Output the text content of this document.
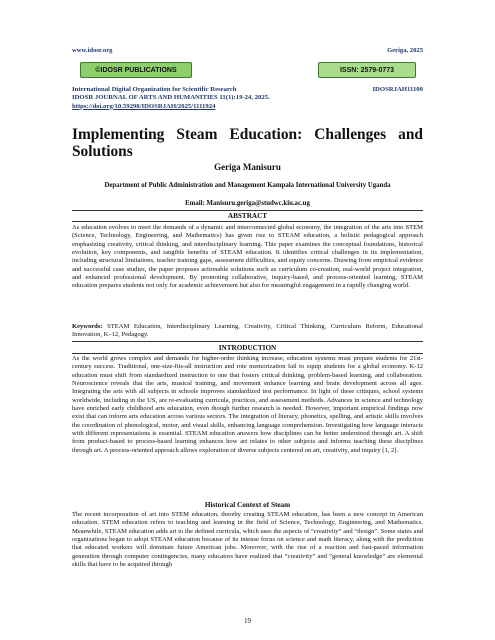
www.idosr.org	Geriga, 2025
©IDOSR PUBLICATIONS	ISSN: 2579-0773
International Digital Organization for Scientific Research	IDOSRJAH11100
IDOSR JOURNAL OF ARTS AND HUMANITIES 11(1):19-24, 2025.
https://doi.org/10.59298/IDOSRJAH/2025/1111924
Implementing Steam Education: Challenges and
Solutions
Geriga Manisuru
Department of Public Administration and Management Kampala International University Uganda
Email: Manisuru.geriga@studwc.kiu.ac.ug
ABSTRACT

As education evolves to meet the demands of a dynamic and interconnected global economy, the integration of the arts into STEM (Science, Technology, Engineering, and Mathematics) has given rise to STEAM education, a holistic pedagogical approach emphasizing creativity, critical thinking, and interdisciplinary learning. This paper examines the conceptual foundations, historical evolution, key components, and tangible benefits of STEAM education. It identifies critical challenges in its implementation, including structural limitations, teacher training gaps, assessment difficulties, and equity concerns. Drawing from empirical evidence and successful case studies, the paper proposes actionable solutions such as curriculum co-creation, real-world project integration, and enhanced professional development. By promoting collaborative, inquiry-based, and process-oriented learning, STEAM education prepares students not only for academic achievement but also for meaningful engagement in a rapidly changing world.

Keywords: STEAM Education, Interdisciplinary Learning, Creativity, Critical Thinking, Curriculum Reform, Educational Innovation, K–12, Pedagogy.

INTRODUCTION

As the world grows complex and demands for higher-order thinking increase, education systems must prepare students for 21st-century success. Traditional, one-size-fits-all instruction and rote memorization fail to equip students for a global economy. K-12 education must shift from standardized instruction to one that fosters critical thinking, problem-based learning, and collaboration. Neuroscience reveals that the arts, musical training, and movement enhance learning and brain development across all ages. Integrating the arts with all subjects in schools improves standardized test performance. In light of these critiques, school systems worldwide, including in the US, are re-evaluating curricula, practices, and assessment methods. Advances in science and technology have enriched early childhood arts education, even though further research is needed. However, important empirical findings now exist that can inform arts education across various sectors. The integration of literacy, phonetics, spelling, and artistic skills involves the coordination of phonological, motor, and visual skills, enhancing language comprehension. Investigating how language interacts with different representations is essential. STEAM education answers how disciplines can be better understood through art. A shift from product-based to process-based learning enhances how art relates to other subjects and informs teaching these disciplines through art. A process-oriented approach allows exploration of diverse subjects centered on art, creativity, and inquiry [1, 2].

Historical Context of Steam

The recent incorporation of art into STEM education, thereby creating STEAM education, has been a new concept in American education. STEM education refers to teaching and learning in the field of Science, Technology, Engineering, and Mathematics. Meanwhile, STEAM education adds art to the defined curricula, which uses the aspects of “creativity” and “design”. Some states and organizations began to adopt STEAM education because of its intense focus on science and math literacy, along with the prediction that educated workers will dominate future American jobs. Moreover, with the rise of a reaction and fast-paced information generation through computer contingencies, many educators have realized that “creativity” and “general knowledge” are elemental skills that have to be acquired through

19
